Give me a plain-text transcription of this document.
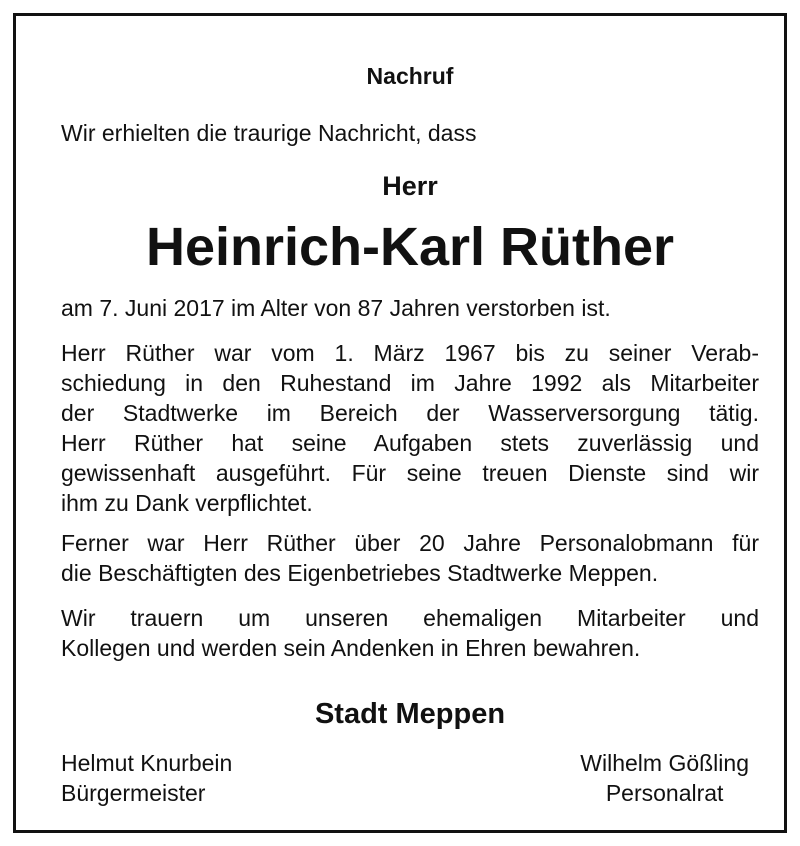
Nachruf
Wir erhielten die traurige Nachricht, dass
Herr
Heinrich-Karl Rüther
am 7. Juni 2017 im Alter von 87 Jahren verstorben ist.
Herr Rüther war vom 1. März 1967 bis zu seiner Verab-
schiedung in den Ruhestand im Jahre 1992 als Mitarbeiter
der Stadtwerke im Bereich der Wasserversorgung tätig.
Herr Rüther hat seine Aufgaben stets zuverlässig und
gewissenhaft ausgeführt. Für seine treuen Dienste sind wir
ihm zu Dank verpflichtet.
Ferner war Herr Rüther über 20 Jahre Personalobmann für
die Beschäftigten des Eigenbetriebes Stadtwerke Meppen.
Wir trauern um unseren ehemaligen Mitarbeiter und
Kollegen und werden sein Andenken in Ehren bewahren.
Stadt Meppen
Helmut Knurbein
Bürgermeister
Wilhelm Gößling
Personalrat
